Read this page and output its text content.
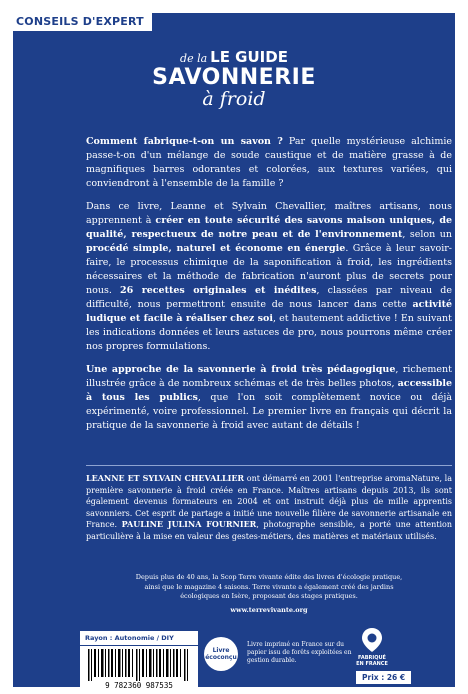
CONSEILS D'EXPERT
de la LE GUIDE
SAVONNERIE
à froid

Comment fabrique-t-on un savon ? Par quelle mystérieuse alchimie passe-t-on d'un mélange de soude caustique et de matière grasse à de magnifiques barres odorantes et colorées, aux textures variées, qui conviendront à l'ensemble de la famille ?

Dans ce livre, Leanne et Sylvain Chevallier, maîtres artisans, nous apprennent à créer en toute sécurité des savons maison uniques, de qualité, respectueux de notre peau et de l'environnement, selon un procédé simple, naturel et économe en énergie. Grâce à leur savoir-faire, le processus chimique de la saponification à froid, les ingrédients nécessaires et la méthode de fabrication n'auront plus de secrets pour nous. 26 recettes originales et inédites, classées par niveau de difficulté, nous permettront ensuite de nous lancer dans cette activité ludique et facile à réaliser chez soi, et hautement addictive ! En suivant les indications données et leurs astuces de pro, nous pourrons même créer nos propres formulations.

Une approche de la savonnerie à froid très pédagogique, richement illustrée grâce à de nombreux schémas et de très belles photos, accessible à tous les publics, que l'on soit complètement novice ou déjà expérimenté, voire professionnel. Le premier livre en français qui décrit la pratique de la savonnerie à froid avec autant de détails !

LEANNE ET SYLVAIN CHEVALLIER ont démarré en 2001 l'entreprise aromaNature, la première savonnerie à froid créée en France. Maîtres artisans depuis 2013, ils sont également devenus formateurs en 2004 et ont instruit déjà plus de mille apprentis savonniers. Cet esprit de partage a initié une nouvelle filière de savonnerie artisanale en France. PAULINE JULINA FOURNIER, photographe sensible, a porté une attention particulière à la mise en valeur des gestes-métiers, des matières et matériaux utilisés.

Depuis plus de 40 ans, la Scop Terre vivante édite des livres d'écologie pratique,

ainsi que le magazine 4 saisons. Terre vivante a également créé des jardins

écologiques en Isère, proposant des stages pratiques.

www.terrevivante.org

Rayon : Autonomie / DIY
9 782360 987535
Livre
écoconçu
Livre imprimé en France sur du papier issu de forêts exploitées en gestion durable.	FABRIQUÉ
EN FRANCE
Prix : 26 €
